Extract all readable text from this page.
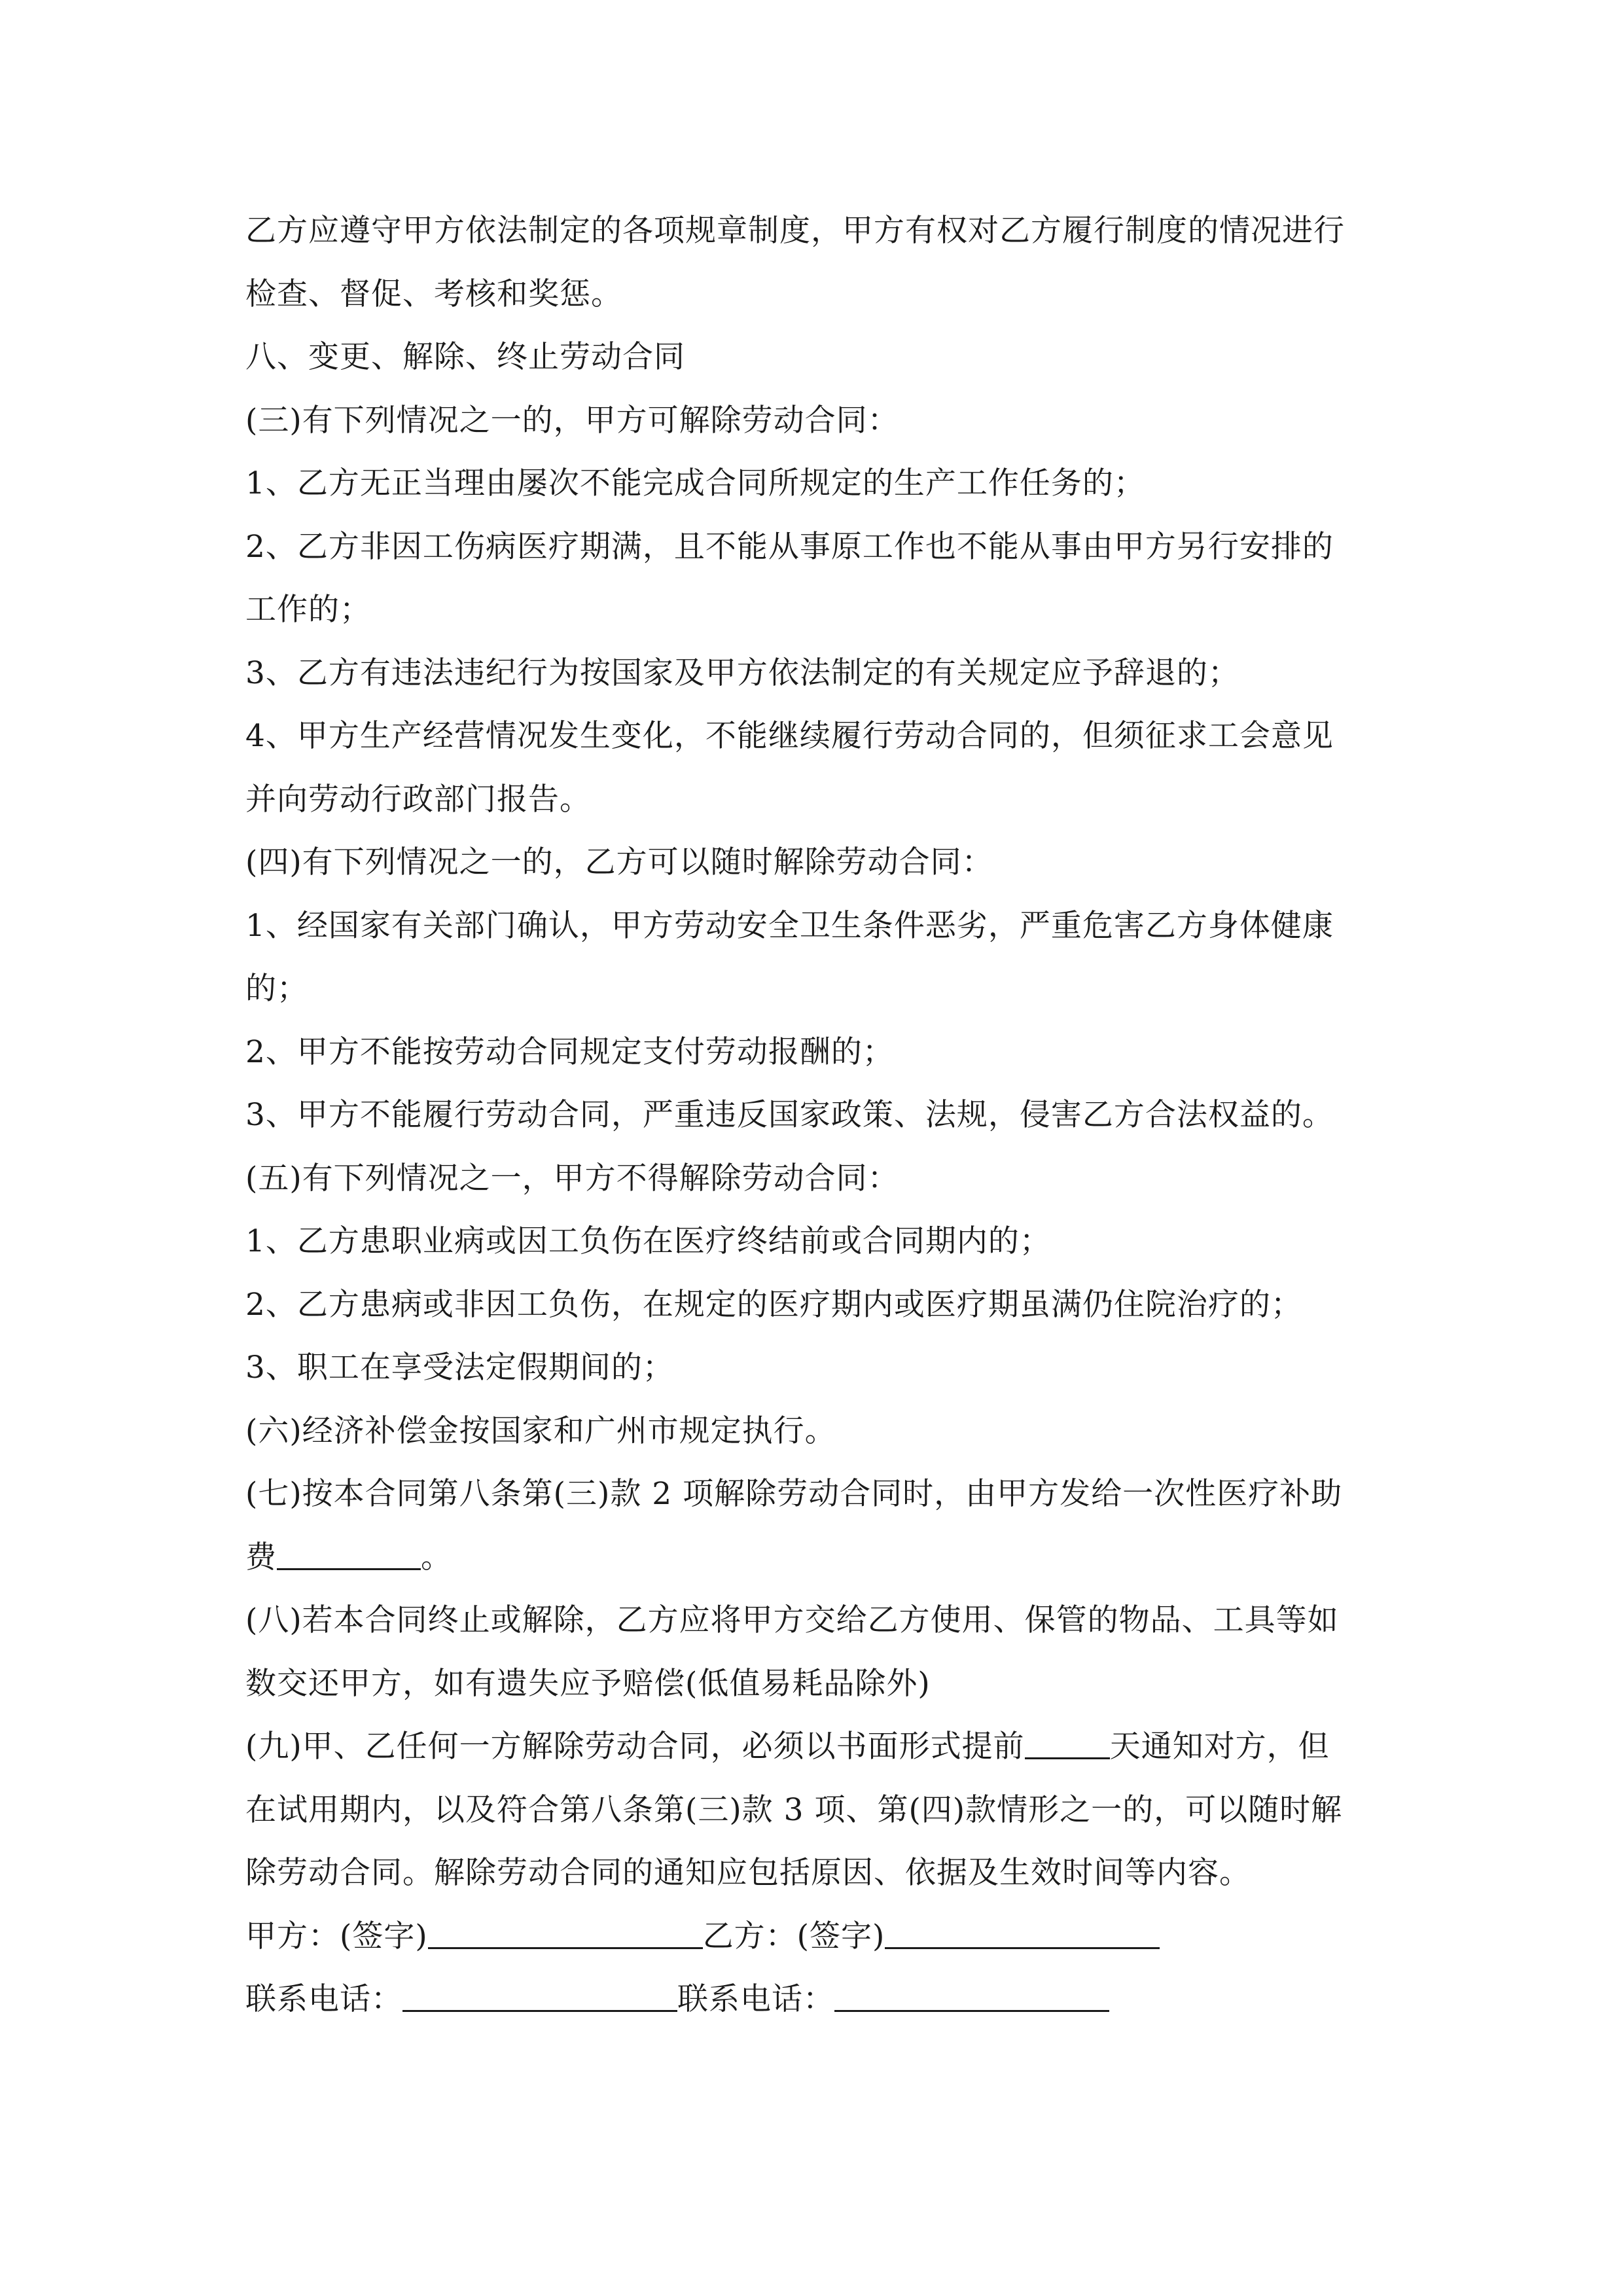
乙方应遵守甲方依法制定的各项规章制度，甲方有权对乙方履行制度的情况进行
检查、督促、考核和奖惩。
八、变更、解除、终止劳动合同
(三)有下列情况之一的，甲方可解除劳动合同：
1、乙方无正当理由屡次不能完成合同所规定的生产工作任务的；
2、乙方非因工伤病医疗期满，且不能从事原工作也不能从事由甲方另行安排的
工作的；
3、乙方有违法违纪行为按国家及甲方依法制定的有关规定应予辞退的；
4、甲方生产经营情况发生变化，不能继续履行劳动合同的，但须征求工会意见
并向劳动行政部门报告。
(四)有下列情况之一的，乙方可以随时解除劳动合同：
1、经国家有关部门确认，甲方劳动安全卫生条件恶劣，严重危害乙方身体健康
的；
2、甲方不能按劳动合同规定支付劳动报酬的；
3、甲方不能履行劳动合同，严重违反国家政策、法规，侵害乙方合法权益的。
(五)有下列情况之一，甲方不得解除劳动合同：
1、乙方患职业病或因工负伤在医疗终结前或合同期内的；
2、乙方患病或非因工负伤，在规定的医疗期内或医疗期虽满仍住院治疗的；
3、职工在享受法定假期间的；
(六)经济补偿金按国家和广州市规定执行。
(七)按本合同第八条第(三)款 2 项解除劳动合同时，由甲方发给一次性医疗补助
费	。
(八)若本合同终止或解除，乙方应将甲方交给乙方使用、保管的物品、工具等如
数交还甲方，如有遗失应予赔偿(低值易耗品除外)
(九)甲、乙任何一方解除劳动合同，必须以书面形式提前	天通知对方，但
在试用期内，以及符合第八条第(三)款 3 项、第(四)款情形之一的，可以随时解
除劳动合同。解除劳动合同的通知应包括原因、依据及生效时间等内容。
甲方：(签字)	乙方：(签字)
联系电话：	联系电话：
